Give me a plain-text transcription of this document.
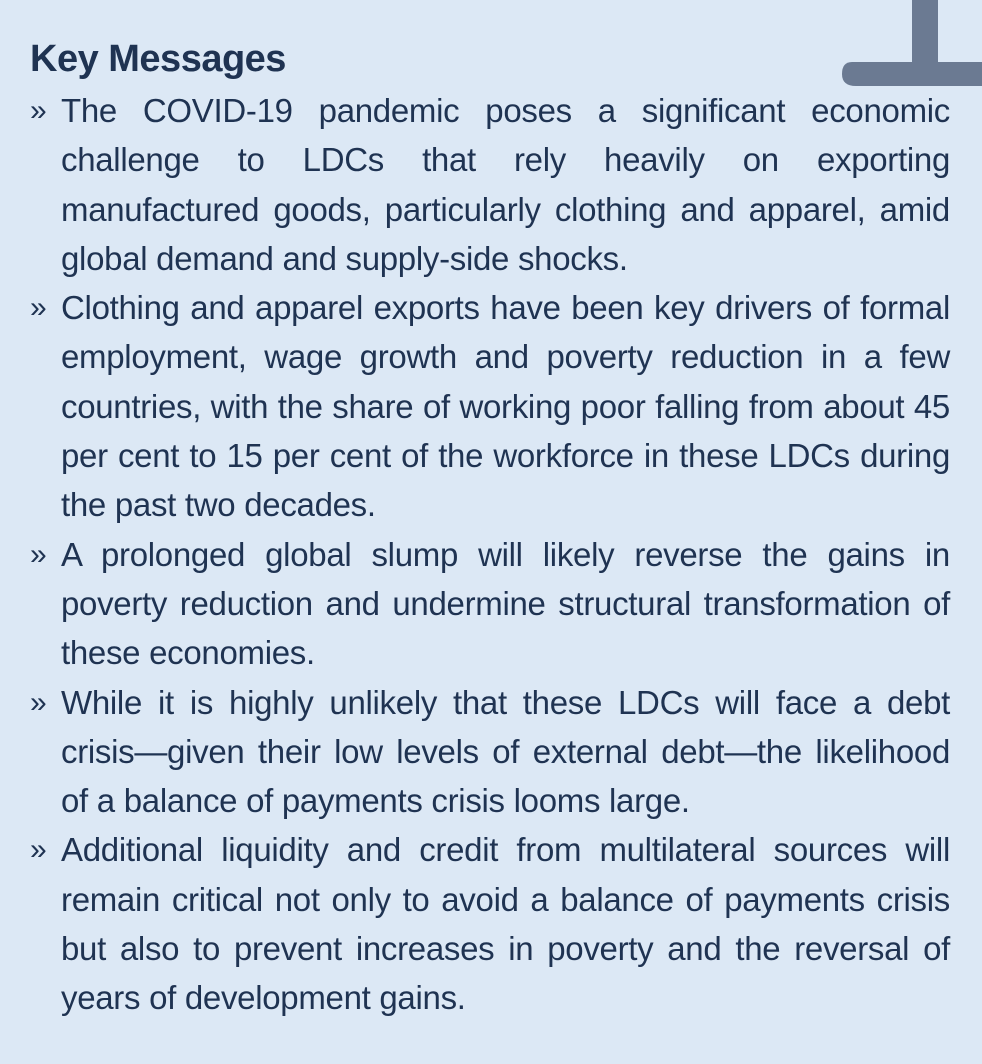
Key Messages
» The COVID-19 pandemic poses a significant economic challenge to LDCs that rely heavily on exporting manufactured goods, particularly clothing and apparel, amid global demand and supply-side shocks.
» Clothing and apparel exports have been key drivers of formal employment, wage growth and poverty reduction in a few countries, with the share of working poor falling from about 45 per cent to 15 per cent of the workforce in these LDCs during the past two decades.
» A prolonged global slump will likely reverse the gains in poverty reduction and undermine structural transformation of these economies.
» While it is highly unlikely that these LDCs will face a debt crisis—given their low levels of external debt—the likelihood of a balance of payments crisis looms large.
» Additional liquidity and credit from multilateral sources will remain critical not only to avoid a balance of payments crisis but also to prevent increases in poverty and the reversal of years of development gains.
